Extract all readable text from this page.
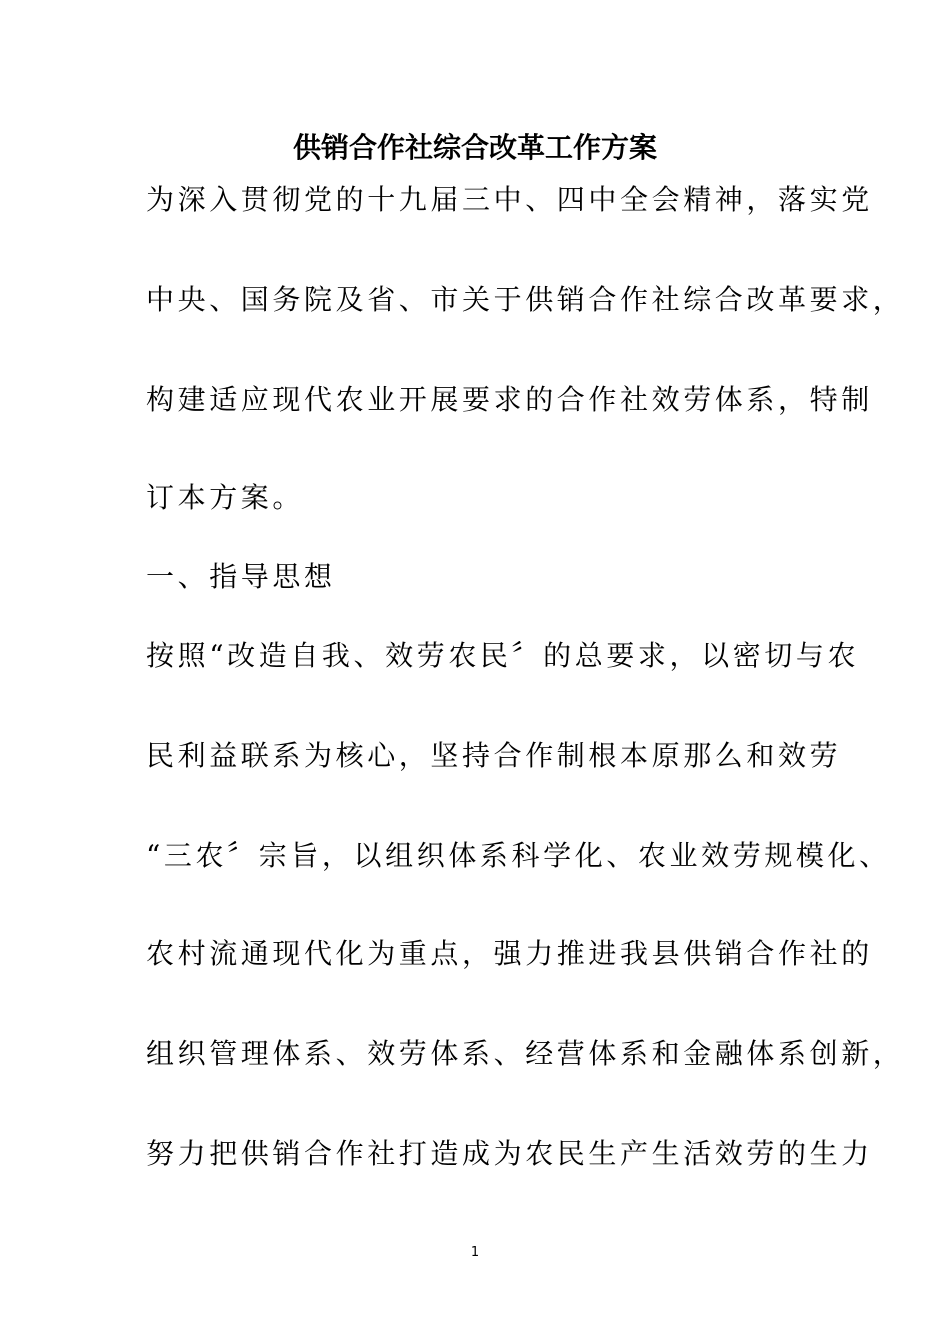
供销合作社综合改革工作方案
为深入贯彻党的十九届三中、四中全会精神，落实党
中央、国务院及省、市关于供销合作社综合改革要求，
构建适应现代农业开展要求的合作社效劳体系，特制
订本方案。
一、指导思想
按照“改造自我、效劳农民〞的总要求，以密切与农
民利益联系为核心，坚持合作制根本原那么和效劳
“三农〞宗旨，以组织体系科学化、农业效劳规模化、
农村流通现代化为重点，强力推进我县供销合作社的
组织管理体系、效劳体系、经营体系和金融体系创新，
努力把供销合作社打造成为农民生产生活效劳的生力
1
